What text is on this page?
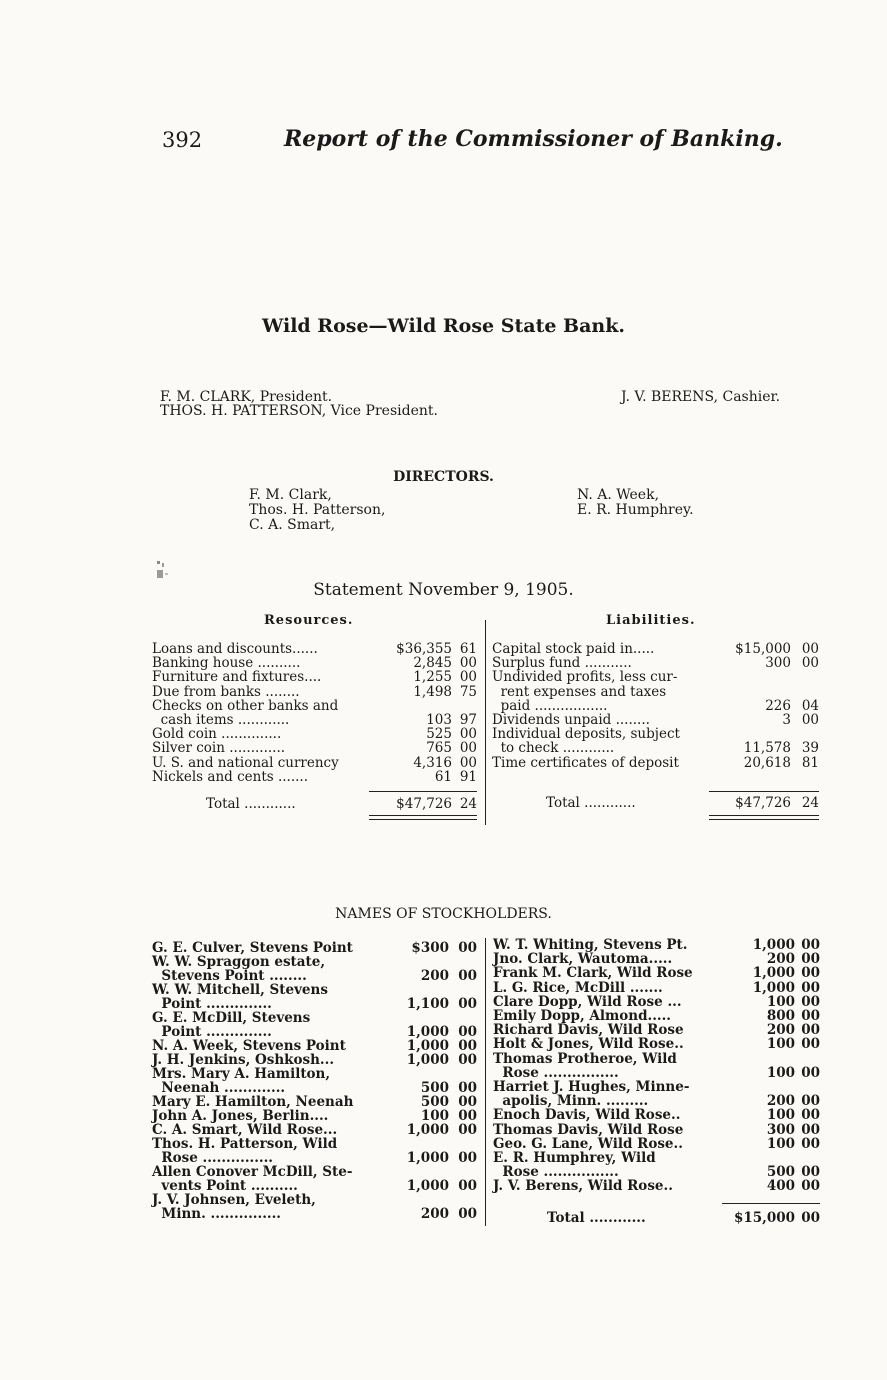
392	Report of the Commissioner of Banking.
Wild Rose—Wild Rose State Bank.
F. M. CLARK, President.
THOS. H. PATTERSON, Vice President.
J. V. BERENS, Cashier.
DIRECTORS.
F. M. Clark,
Thos. H. Patterson,
C. A. Smart,
N. A. Week,
E. R. Humphrey.
Statement November 9, 1905.
Resources.	Liabilities.
Loans and discounts......	$36,355 61
Banking house ..........	2,845 00
Furniture and fixtures....	1,255 00
Due from banks ........	1,498 75
Checks on other banks and
cash items ............	103 97
Gold coin ..............	525 00
Silver coin .............	765 00
U. S. and national currency	4,316 00
Nickels and cents .......	61 91
Capital stock paid in.....	$15,000 00
Surplus fund ...........	300 00
Undivided profits, less cur-
rent expenses and taxes
paid .................	226 04
Dividends unpaid ........	3 00
Individual deposits, subject
to check ............	11,578 39
Time certificates of deposit	20,618 81
Total ............	$47,726 24	Total ............	$47,726 24
NAMES OF STOCKHOLDERS.
G. E. Culver, Stevens Point	$300 00
W. W. Spraggon estate,
Stevens Point ........	200 00
W. W. Mitchell, Stevens
Point ..............	1,100 00
G. E. McDill, Stevens
Point ..............	1,000 00
N. A. Week, Stevens Point	1,000 00
J. H. Jenkins, Oshkosh...	1,000 00
Mrs. Mary A. Hamilton,
Neenah .............	500 00
Mary E. Hamilton, Neenah	500 00
John A. Jones, Berlin....	100 00
C. A. Smart, Wild Rose...	1,000 00
Thos. H. Patterson, Wild
Rose ...............	1,000 00
Allen Conover McDill, Ste-
vents Point ..........	1,000 00
J. V. Johnsen, Eveleth,
Minn. ...............	200 00
W. T. Whiting, Stevens Pt.	1,000 00
Jno. Clark, Wautoma.....	200 00
Frank M. Clark, Wild Rose	1,000 00
L. G. Rice, McDill .......	1,000 00
Clare Dopp, Wild Rose ...	100 00
Emily Dopp, Almond.....	800 00
Richard Davis, Wild Rose	200 00
Holt & Jones, Wild Rose..	100 00
Thomas Protheroe, Wild
Rose ................	100 00
Harriet J. Hughes, Minne-
apolis, Minn. .........	200 00
Enoch Davis, Wild Rose..	100 00
Thomas Davis, Wild Rose	300 00
Geo. G. Lane, Wild Rose..	100 00
E. R. Humphrey, Wild
Rose ................	500 00
J. V. Berens, Wild Rose..	400 00
Total ............	$15,000 00
